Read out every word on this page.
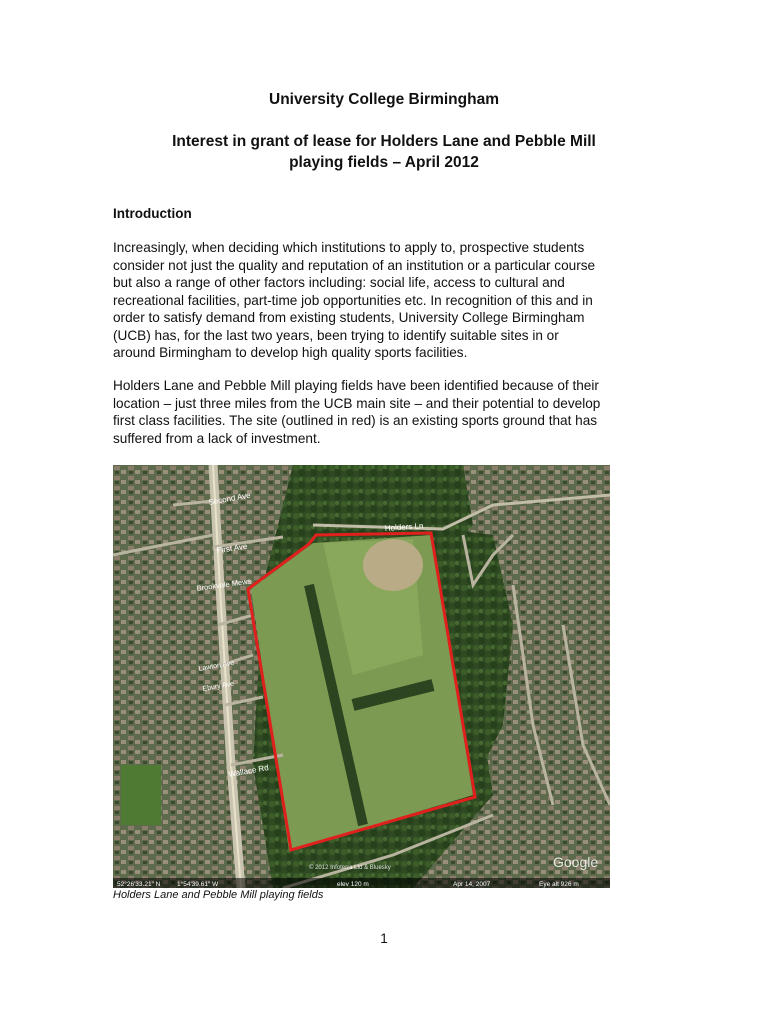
University College Birmingham
Interest in grant of lease for Holders Lane and Pebble Mill
playing fields – April 2012
Introduction
Increasingly, when deciding which institutions to apply to, prospective students
consider not just the quality and reputation of an institution or a particular course
but also a range of other factors including: social life, access to cultural and
recreational facilities, part-time job opportunities etc. In recognition of this and in
order to satisfy demand from existing students, University College Birmingham
(UCB) has, for the last two years, been trying to identify suitable sites in or
around Birmingham to develop high quality sports facilities.
Holders Lane and Pebble Mill playing fields have been identified because of their
location – just three miles from the UCB main site – and their potential to develop
first class facilities. The site (outlined in red) is an existing sports ground that has
suffered from a lack of investment.
Second Ave
First Ave
Brookvale Mews
Holders Ln
Lawton Ave
Ebury Ave
Wallace Rd
Google
© 2012 Infoterra Ltd & Bluesky
52°26'33.21" N	1°54'39.61" W	elev 120 m	Apr 14, 2007	Eye alt 926 m
Holders Lane and Pebble Mill playing fields
1
